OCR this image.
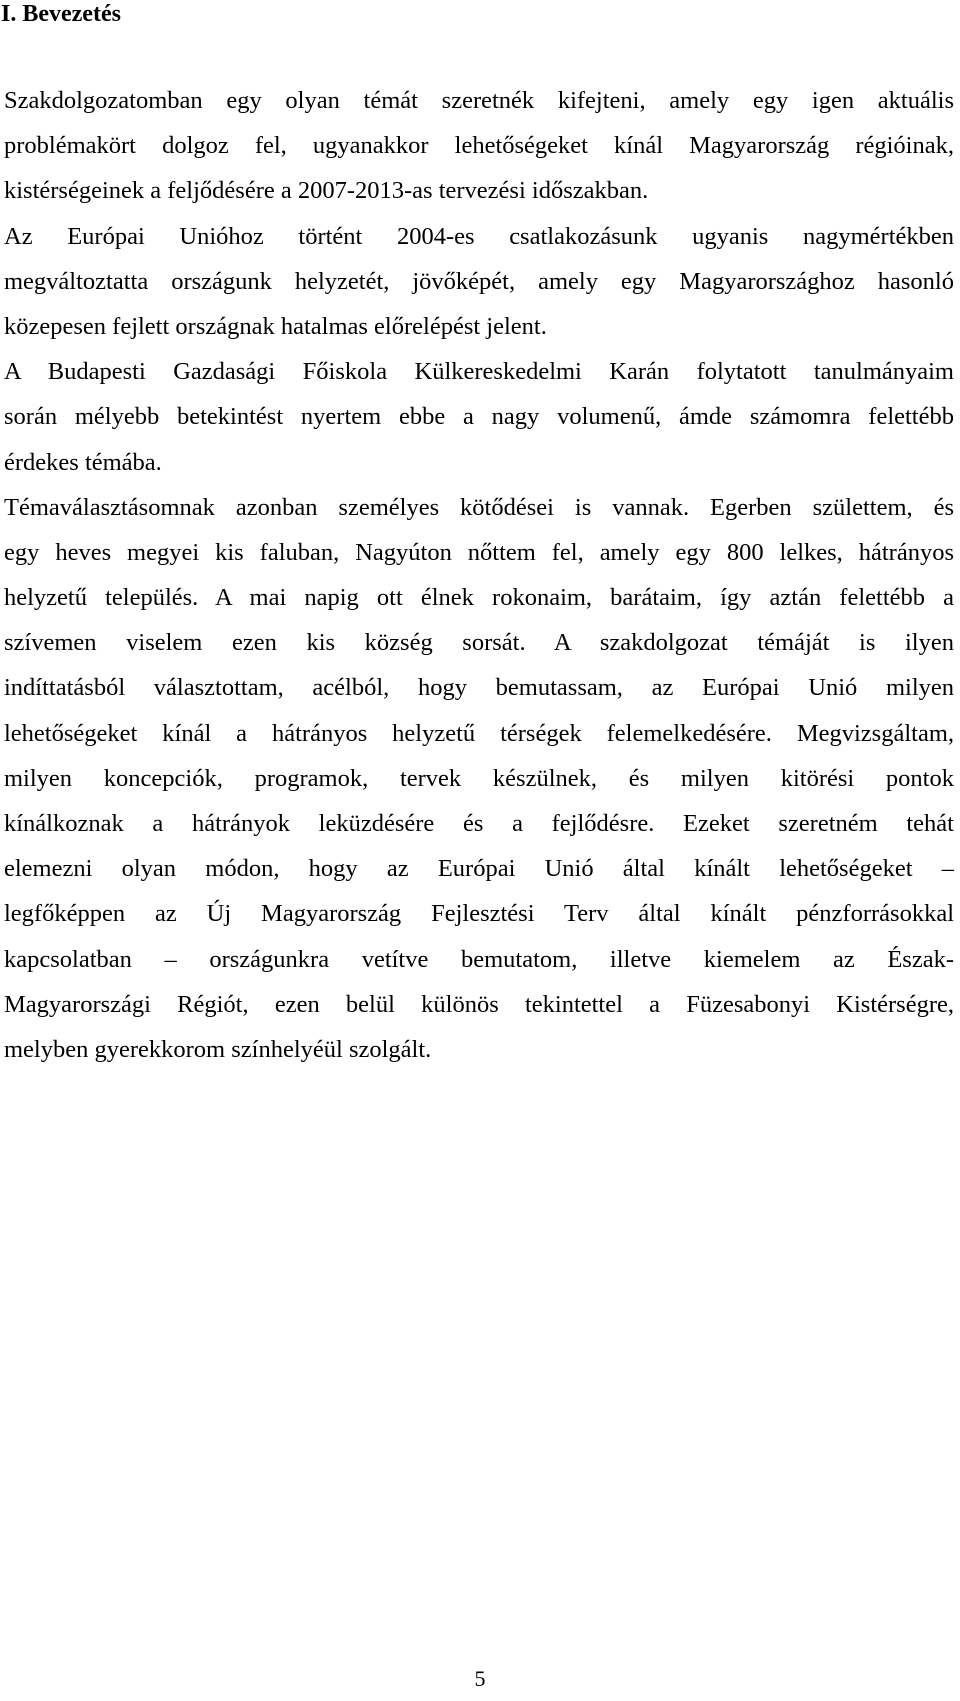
I. Bevezetés
Szakdolgozatomban egy olyan témát szeretnék kifejteni, amely egy igen aktuális
problémakört dolgoz fel, ugyanakkor lehetőségeket kínál Magyarország régióinak,
kistérségeinek a feljődésére a 2007-2013-as tervezési időszakban.
Az Európai Unióhoz történt 2004-es csatlakozásunk ugyanis nagymértékben
megváltoztatta országunk helyzetét, jövőképét, amely egy Magyarországhoz hasonló
közepesen fejlett országnak hatalmas előrelépést jelent.
A Budapesti Gazdasági Főiskola Külkereskedelmi Karán folytatott tanulmányaim
során mélyebb betekintést nyertem ebbe a nagy volumenű, ámde számomra felettébb
érdekes témába.
Témaválasztásomnak azonban személyes kötődései is vannak. Egerben születtem, és
egy heves megyei kis faluban, Nagyúton nőttem fel, amely egy 800 lelkes, hátrányos
helyzetű település. A mai napig ott élnek rokonaim, barátaim, így aztán felettébb a
szívemen viselem ezen kis község sorsát. A szakdolgozat témáját is ilyen
indíttatásból választottam, acélból, hogy bemutassam, az Európai Unió milyen
lehetőségeket kínál a hátrányos helyzetű térségek felemelkedésére. Megvizsgáltam,
milyen koncepciók, programok, tervek készülnek, és milyen kitörési pontok
kínálkoznak a hátrányok leküzdésére és a fejlődésre. Ezeket szeretném tehát
elemezni olyan módon, hogy az Európai Unió által kínált lehetőségeket –
legfőképpen az Új Magyarország Fejlesztési Terv által kínált pénzforrásokkal
kapcsolatban – országunkra vetítve bemutatom, illetve kiemelem az Észak-
Magyarországi Régiót, ezen belül különös tekintettel a Füzesabonyi Kistérségre,
melyben gyerekkorom színhelyéül szolgált.
5
